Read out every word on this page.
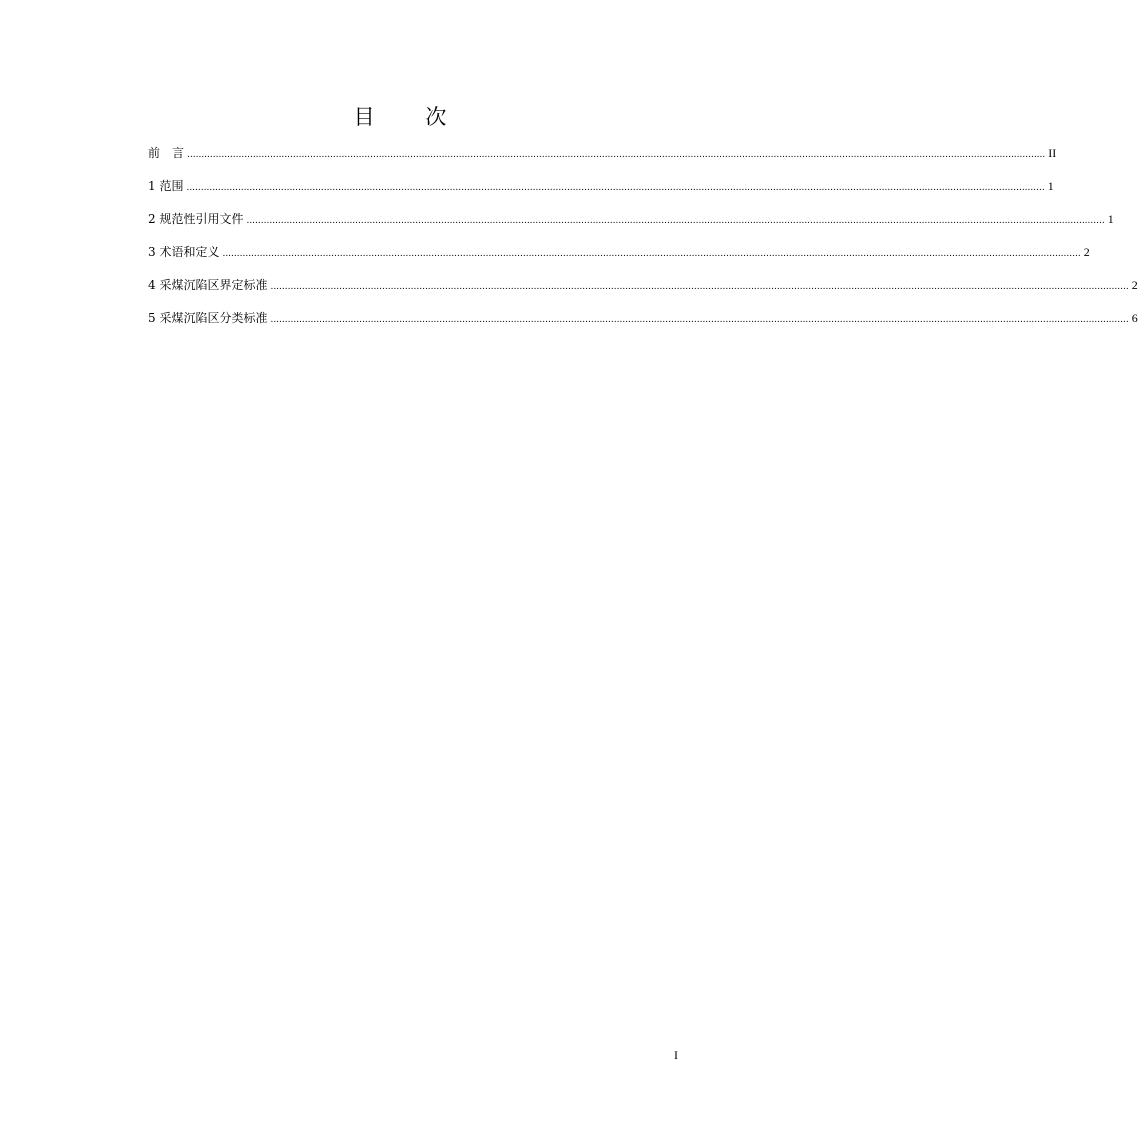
目 次
前　言 ............................................................................................................................................................................................................................................................................................................ II
1 范围 ............................................................................................................................................................................................................................................................................................................ 1
2 规范性引用文件 ............................................................................................................................................................................................................................................................................................................ 1
3 术语和定义 ............................................................................................................................................................................................................................................................................................................ 2
4 采煤沉陷区界定标准 ............................................................................................................................................................................................................................................................................................................ 2
5 采煤沉陷区分类标准 ............................................................................................................................................................................................................................................................................................................ 6
I
